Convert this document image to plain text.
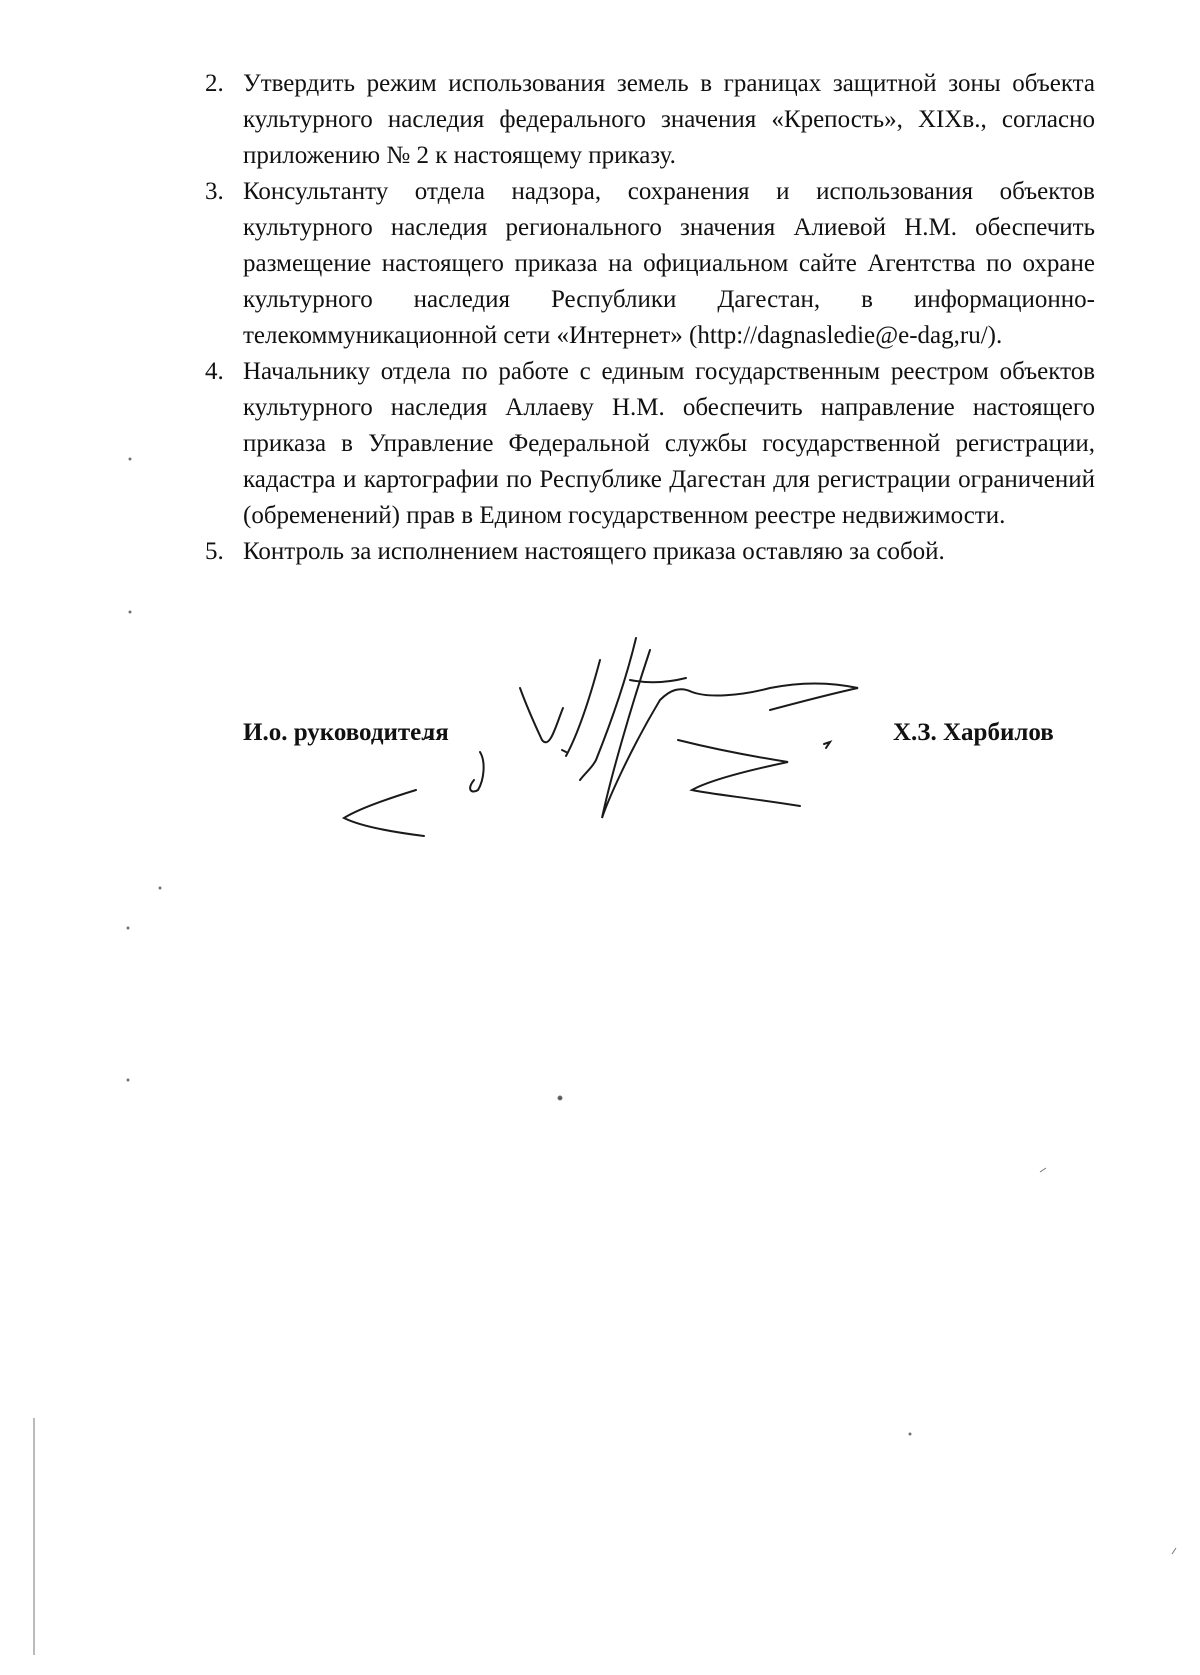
2. Утвердить режим использования земель в границах защитной зоны объекта культурного наследия федерального значения «Крепость», XIXв., согласно приложению № 2 к настоящему приказу.
3. Консультанту отдела надзора, сохранения и использования объектов культурного наследия регионального значения Алиевой Н.М. обеспечить размещение настоящего приказа на официальном сайте Агентства по охране культурного наследия Республики Дагестан, в информационно-телекоммуникационной сети «Интернет» (http://dagnasledie@e-dag,ru/).
4. Начальнику отдела по работе с единым государственным реестром объектов культурного наследия Аллаеву Н.М. обеспечить направление настоящего приказа в Управление Федеральной службы государственной регистрации, кадастра и картографии по Республике Дагестан для регистрации ограничений (обременений) прав в Едином государственном реестре недвижимости.
5. Контроль за исполнением настоящего приказа оставляю за собой.
И.о. руководителя	Х.З. Харбилов
